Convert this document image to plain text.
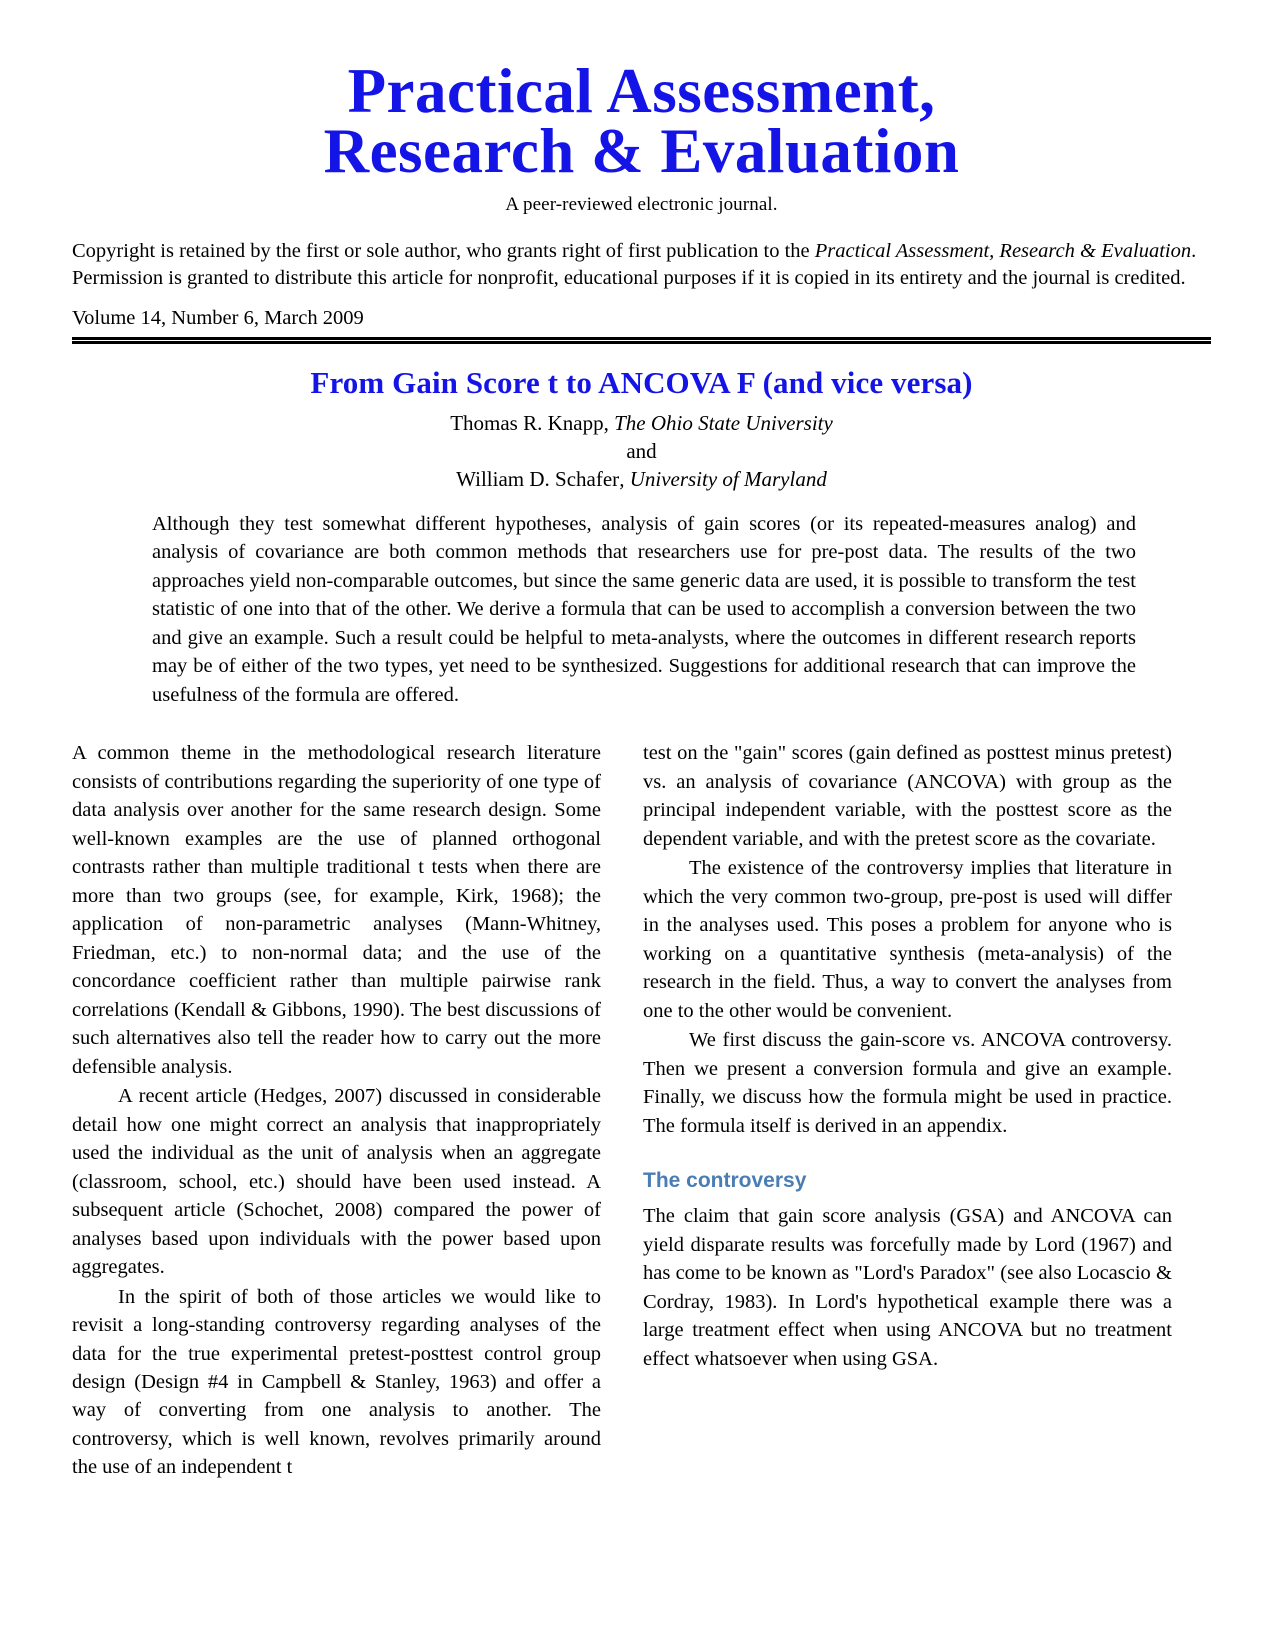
Practical Assessment,
Research & Evaluation
A peer-reviewed electronic journal.
Copyright is retained by the first or sole author, who grants right of first publication to the Practical Assessment, Research & Evaluation. Permission is granted to distribute this article for nonprofit, educational purposes if it is copied in its entirety and the journal is credited.
Volume 14, Number 6, March 2009
From Gain Score t to ANCOVA F (and vice versa)
Thomas R. Knapp, The Ohio State University
and
William D. Schafer, University of Maryland
Although they test somewhat different hypotheses, analysis of gain scores (or its repeated-measures analog) and analysis of covariance are both common methods that researchers use for pre-post data. The results of the two approaches yield non-comparable outcomes, but since the same generic data are used, it is possible to transform the test statistic of one into that of the other. We derive a formula that can be used to accomplish a conversion between the two and give an example. Such a result could be helpful to meta-analysts, where the outcomes in different research reports may be of either of the two types, yet need to be synthesized. Suggestions for additional research that can improve the usefulness of the formula are offered.

A common theme in the methodological research literature consists of contributions regarding the superiority of one type of data analysis over another for the same research design. Some well-known examples are the use of planned orthogonal contrasts rather than multiple traditional t tests when there are more than two groups (see, for example, Kirk, 1968); the application of non-parametric analyses (Mann-Whitney, Friedman, etc.) to non-normal data; and the use of the concordance coefficient rather than multiple pairwise rank correlations (Kendall & Gibbons, 1990). The best discussions of such alternatives also tell the reader how to carry out the more defensible analysis.

A recent article (Hedges, 2007) discussed in considerable detail how one might correct an analysis that inappropriately used the individual as the unit of analysis when an aggregate (classroom, school, etc.) should have been used instead. A subsequent article (Schochet, 2008) compared the power of analyses based upon individuals with the power based upon aggregates.

In the spirit of both of those articles we would like to revisit a long-standing controversy regarding analyses of the data for the true experimental pretest-posttest control group design (Design #4 in Campbell & Stanley, 1963) and offer a way of converting from one analysis to another. The controversy, which is well known, revolves primarily around the use of an independent t

test on the "gain" scores (gain defined as posttest minus pretest) vs. an analysis of covariance (ANCOVA) with group as the principal independent variable, with the posttest score as the dependent variable, and with the pretest score as the covariate.

The existence of the controversy implies that literature in which the very common two-group, pre-post is used will differ in the analyses used. This poses a problem for anyone who is working on a quantitative synthesis (meta-analysis) of the research in the field. Thus, a way to convert the analyses from one to the other would be convenient.

We first discuss the gain-score vs. ANCOVA controversy. Then we present a conversion formula and give an example. Finally, we discuss how the formula might be used in practice. The formula itself is derived in an appendix.

The controversy

The claim that gain score analysis (GSA) and ANCOVA can yield disparate results was forcefully made by Lord (1967) and has come to be known as "Lord's Paradox" (see also Locascio & Cordray, 1983). In Lord's hypothetical example there was a large treatment effect when using ANCOVA but no treatment effect whatsoever when using GSA.
